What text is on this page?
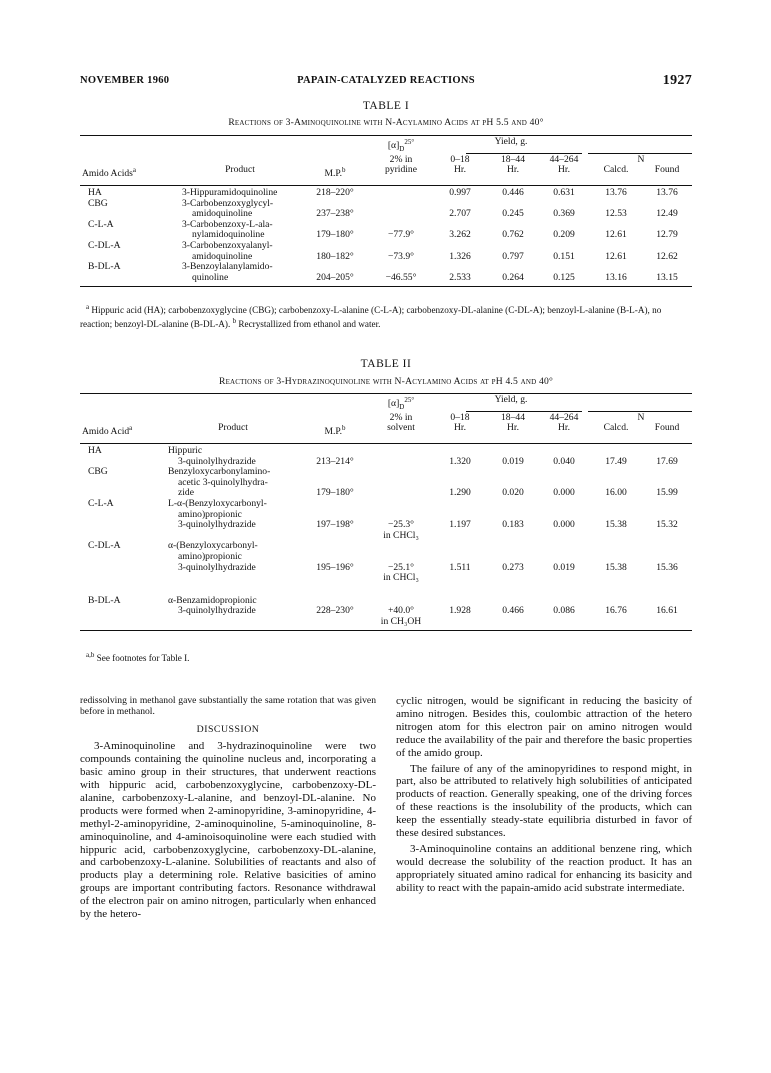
NOVEMBER 1960	PAPAIN-CATALYZED REACTIONS	1927
TABLE I
Reactions of 3-Aminoquinoline with N-Acylamino Acids at pH 5.5 and 40°
			$[\alpha]_D^{25^\circ}$	Yield, g.				
			2% in	0–18	18–44	44–264	N	
Amido Acids$^a$	Product	M.P.$^b$	pyridine	Hr.	Hr.	Hr.	Calcd.	Found

HA	3-Hippuramidoquinoline	218–220°		0.997	0.446	0.631	13.76	13.76
CBG	3-Carbobenzoxyglycyl-
amidoquinoline	237–238°		2.707	0.245	0.369	12.53	12.49
C-L-A	3-Carbobenzoxy-L-ala-
nylamidoquinoline	179–180°	−77.9°	3.262	0.762	0.209	12.61	12.79
C-DL-A	3-Carbobenzoxyalanyl-
amidoquinoline	180–182°	−73.9°	1.326	0.797	0.151	12.61	12.62
B-DL-A	3-Benzoylalanylamido-
quinoline	204–205°	−46.55°	2.533	0.264	0.125	13.16	13.15

$^a$ Hippuric acid (HA); carbobenzoxyglycine (CBG); carbobenzoxy-L-alanine (C-L-A); carbobenzoxy-DL-alanine (C-DL-A); benzoyl-L-alanine (B-L-A), no reaction; benzoyl-DL-alanine (B-DL-A). $^b$ Recrystallized from ethanol and water.
TABLE II
Reactions of 3-Hydrazinoquinoline with N-Acylamino Acids at pH 4.5 and 40°
			$[\alpha]_D^{25^\circ}$	Yield, g.				
			2% in	0–18	18–44	44–264	N	
Amido Acid$^a$	Product	M.P.$^b$	solvent	Hr.	Hr.	Hr.	Calcd.	Found

HA	Hippuric
3-quinolylhydrazide	213–214°		1.320	0.019	0.040	17.49	17.69
CBG	Benzyloxycarbonylamino-
acetic 3-quinolylhydra-
zide	179–180°		1.290	0.020	0.000	16.00	15.99
C-L-A	L-α-(Benzyloxycarbonyl-
amino)propionic
3-quinolylhydrazide	197–198°	−25.3°	1.197	0.183	0.000	15.38	15.32
			in CHCl₃					
C-DL-A	α-(Benzyloxycarbonyl-
amino)propionic
3-quinolylhydrazide	195–196°	−25.1°	1.511	0.273	0.019	15.38	15.36
			in CHCl₃					

B-DL-A	α-Benzamidopropionic
3-quinolylhydrazide	228–230°	+40.0°	1.928	0.466	0.086	16.76	16.61
			in CH₃OH					

$^{a,b}$ See footnotes for Table I.

redissolving in methanol gave substantially the same rotation that was given before in methanol.

DISCUSSION

3-Aminoquinoline and 3-hydrazinoquinoline were two compounds containing the quinoline nucleus and, incorporating a basic amino group in their structures, that underwent reactions with hippuric acid, carbobenzoxyglycine, carbobenzoxy-DL-alanine, carbobenzoxy-L-alanine, and benzoyl-DL-alanine. No products were formed when 2-aminopyridine, 3-aminopyridine, 4-methyl-2-aminopyridine, 2-aminoquinoline, 5-aminoquinoline, 8-aminoquinoline, and 4-aminoisoquinoline were each studied with hippuric acid, carbobenzoxyglycine, carbobenzoxy-DL-alanine, and carbobenzoxy-L-alanine. Solubilities of reactants and also of products play a determining role. Relative basicities of amino groups are important contributing factors. Resonance withdrawal of the electron pair on amino nitrogen, particularly when enhanced by the hetero-

cyclic nitrogen, would be significant in reducing the basicity of amino nitrogen. Besides this, coulombic attraction of the hetero nitrogen atom for this electron pair on amino nitrogen would reduce the availability of the pair and therefore the basic properties of the amido group.

The failure of any of the aminopyridines to respond might, in part, also be attributed to relatively high solubilities of anticipated products of reaction. Generally speaking, one of the driving forces of these reactions is the insolubility of the products, which can keep the essentially steady-state equilibria disturbed in favor of these desired substances.

3-Aminoquinoline contains an additional benzene ring, which would decrease the solubility of the reaction product. It has an appropriately situated amino radical for enhancing its basicity and ability to react with the papain-amido acid substrate intermediate.
